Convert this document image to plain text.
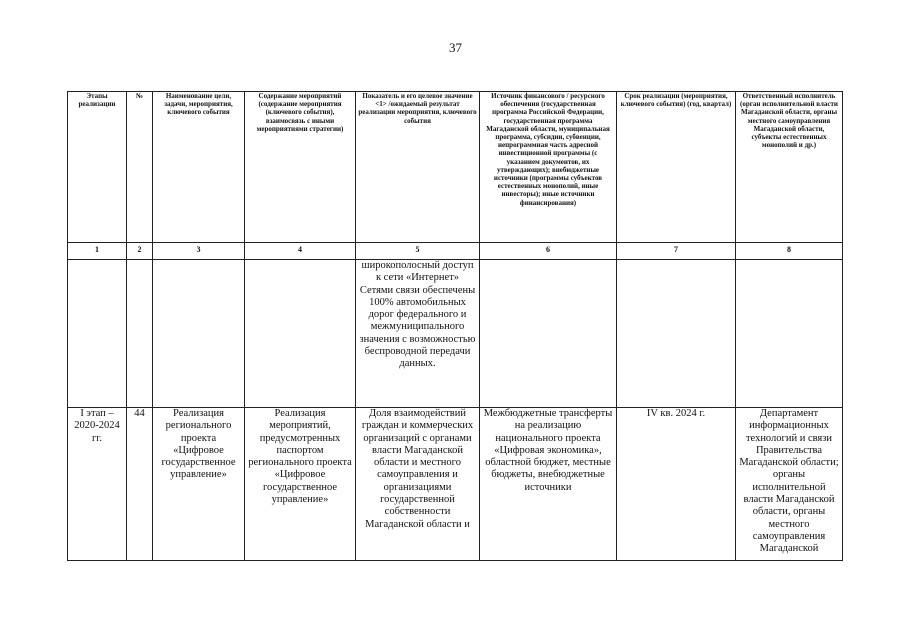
37
Этапы реализации	№	Наименование цели, задачи, мероприятия, ключевого события	Содержание мероприятий (содержание мероприятия (ключевого события), взаимосвязь с иными мероприятиями стратегии)	Показатель и его целевое значение <1> /ожидаемый результат реализации мероприятия, ключевого события	Источник финансового / ресурсного обеспечения (государственная программа Российской Федерации, государственная программа Магаданской области, муниципальная программа, субсидии, субвенции, непрограммная часть адресной инвестиционной программы (с указанием документов, их утверждающих); внебюджетные источники (программы субъектов естественных монополий, иные инвесторы); иные источники финансирования)	Срок реализации (мероприятия, ключевого события) (год, квартал)	Ответственный исполнитель (орган исполнительной власти Магаданской области, органы местного самоуправления Магаданской области, субъекты естественных монополий и др.)
1	2	3	4	5	6	7	8

				широкополосный доступ к сети «Интернет» Сетями связи обеспечены 100% автомобильных дорог федерального и межмуниципального значения с возможностью беспроводной передачи данных.			

I этап – 2020-2024 гг.	44	Реализация регионального проекта «Цифровое государственное управление»	Реализация мероприятий, предусмотренных паспортом регионального проекта «Цифровое государственное управление»	Доля взаимодействий граждан и коммерческих организаций с органами власти Магаданской области и местного самоуправления и организациями государственной собственности Магаданской области и	Межбюджетные трансферты на реализацию национального проекта «Цифровая экономика», областной бюджет, местные бюджеты, внебюджетные источники	IV кв. 2024 г.	Департамент информационных технологий и связи Правительства Магаданской области; органы исполнительной власти Магаданской области, органы местного самоуправления Магаданской
